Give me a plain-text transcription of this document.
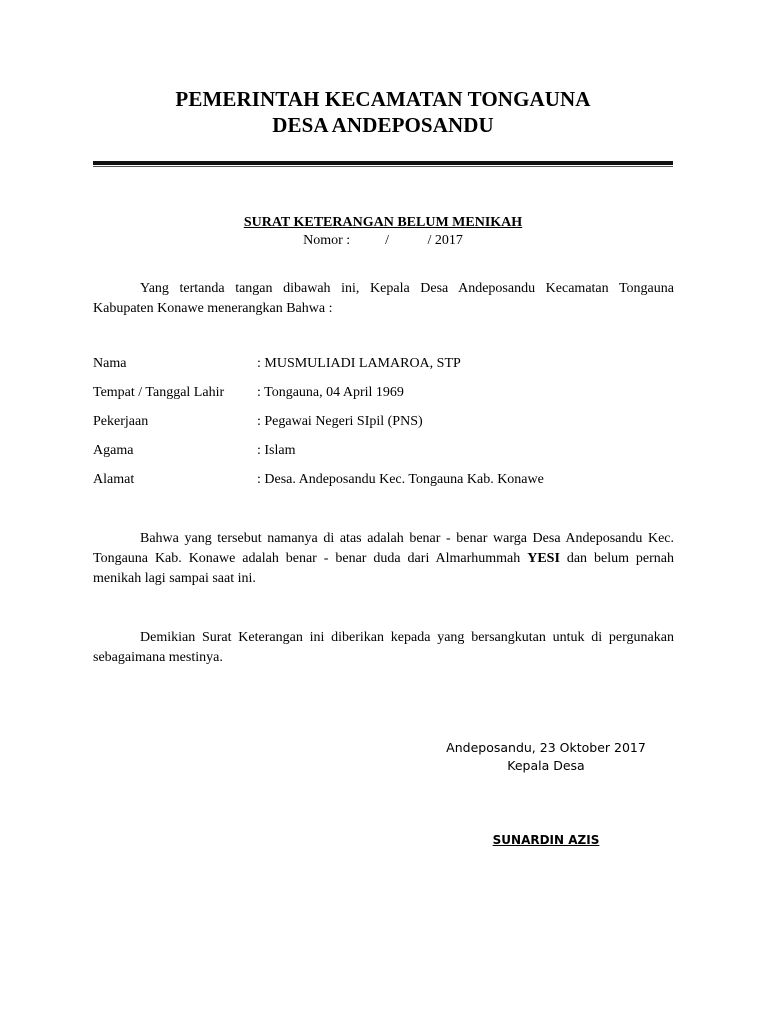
PEMERINTAH KECAMATAN TONGAUNA
DESA ANDEPOSANDU
SURAT KETERANGAN BELUM MENIKAH
Nomor :          /           / 2017
Yang tertanda tangan dibawah ini, Kepala Desa Andeposandu Kecamatan Tongauna Kabupaten Konawe menerangkan Bahwa :
Nama	: MUSMULIADI LAMAROA, STP
Tempat / Tanggal Lahir : Tongauna, 04 April 1969
Pekerjaan	: Pegawai Negeri SIpil (PNS)
Agama	: Islam
Alamat	: Desa. Andeposandu Kec. Tongauna Kab. Konawe
Bahwa yang tersebut namanya di atas adalah benar - benar warga Desa Andeposandu Kec. Tongauna Kab. Konawe adalah benar - benar duda dari Almarhummah YESI dan belum pernah menikah lagi sampai saat ini.
Demikian Surat Keterangan ini diberikan kepada yang bersangkutan untuk di pergunakan sebagaimana mestinya.
Andeposandu, 23 Oktober 2017
Kepala Desa
SUNARDIN AZIS
